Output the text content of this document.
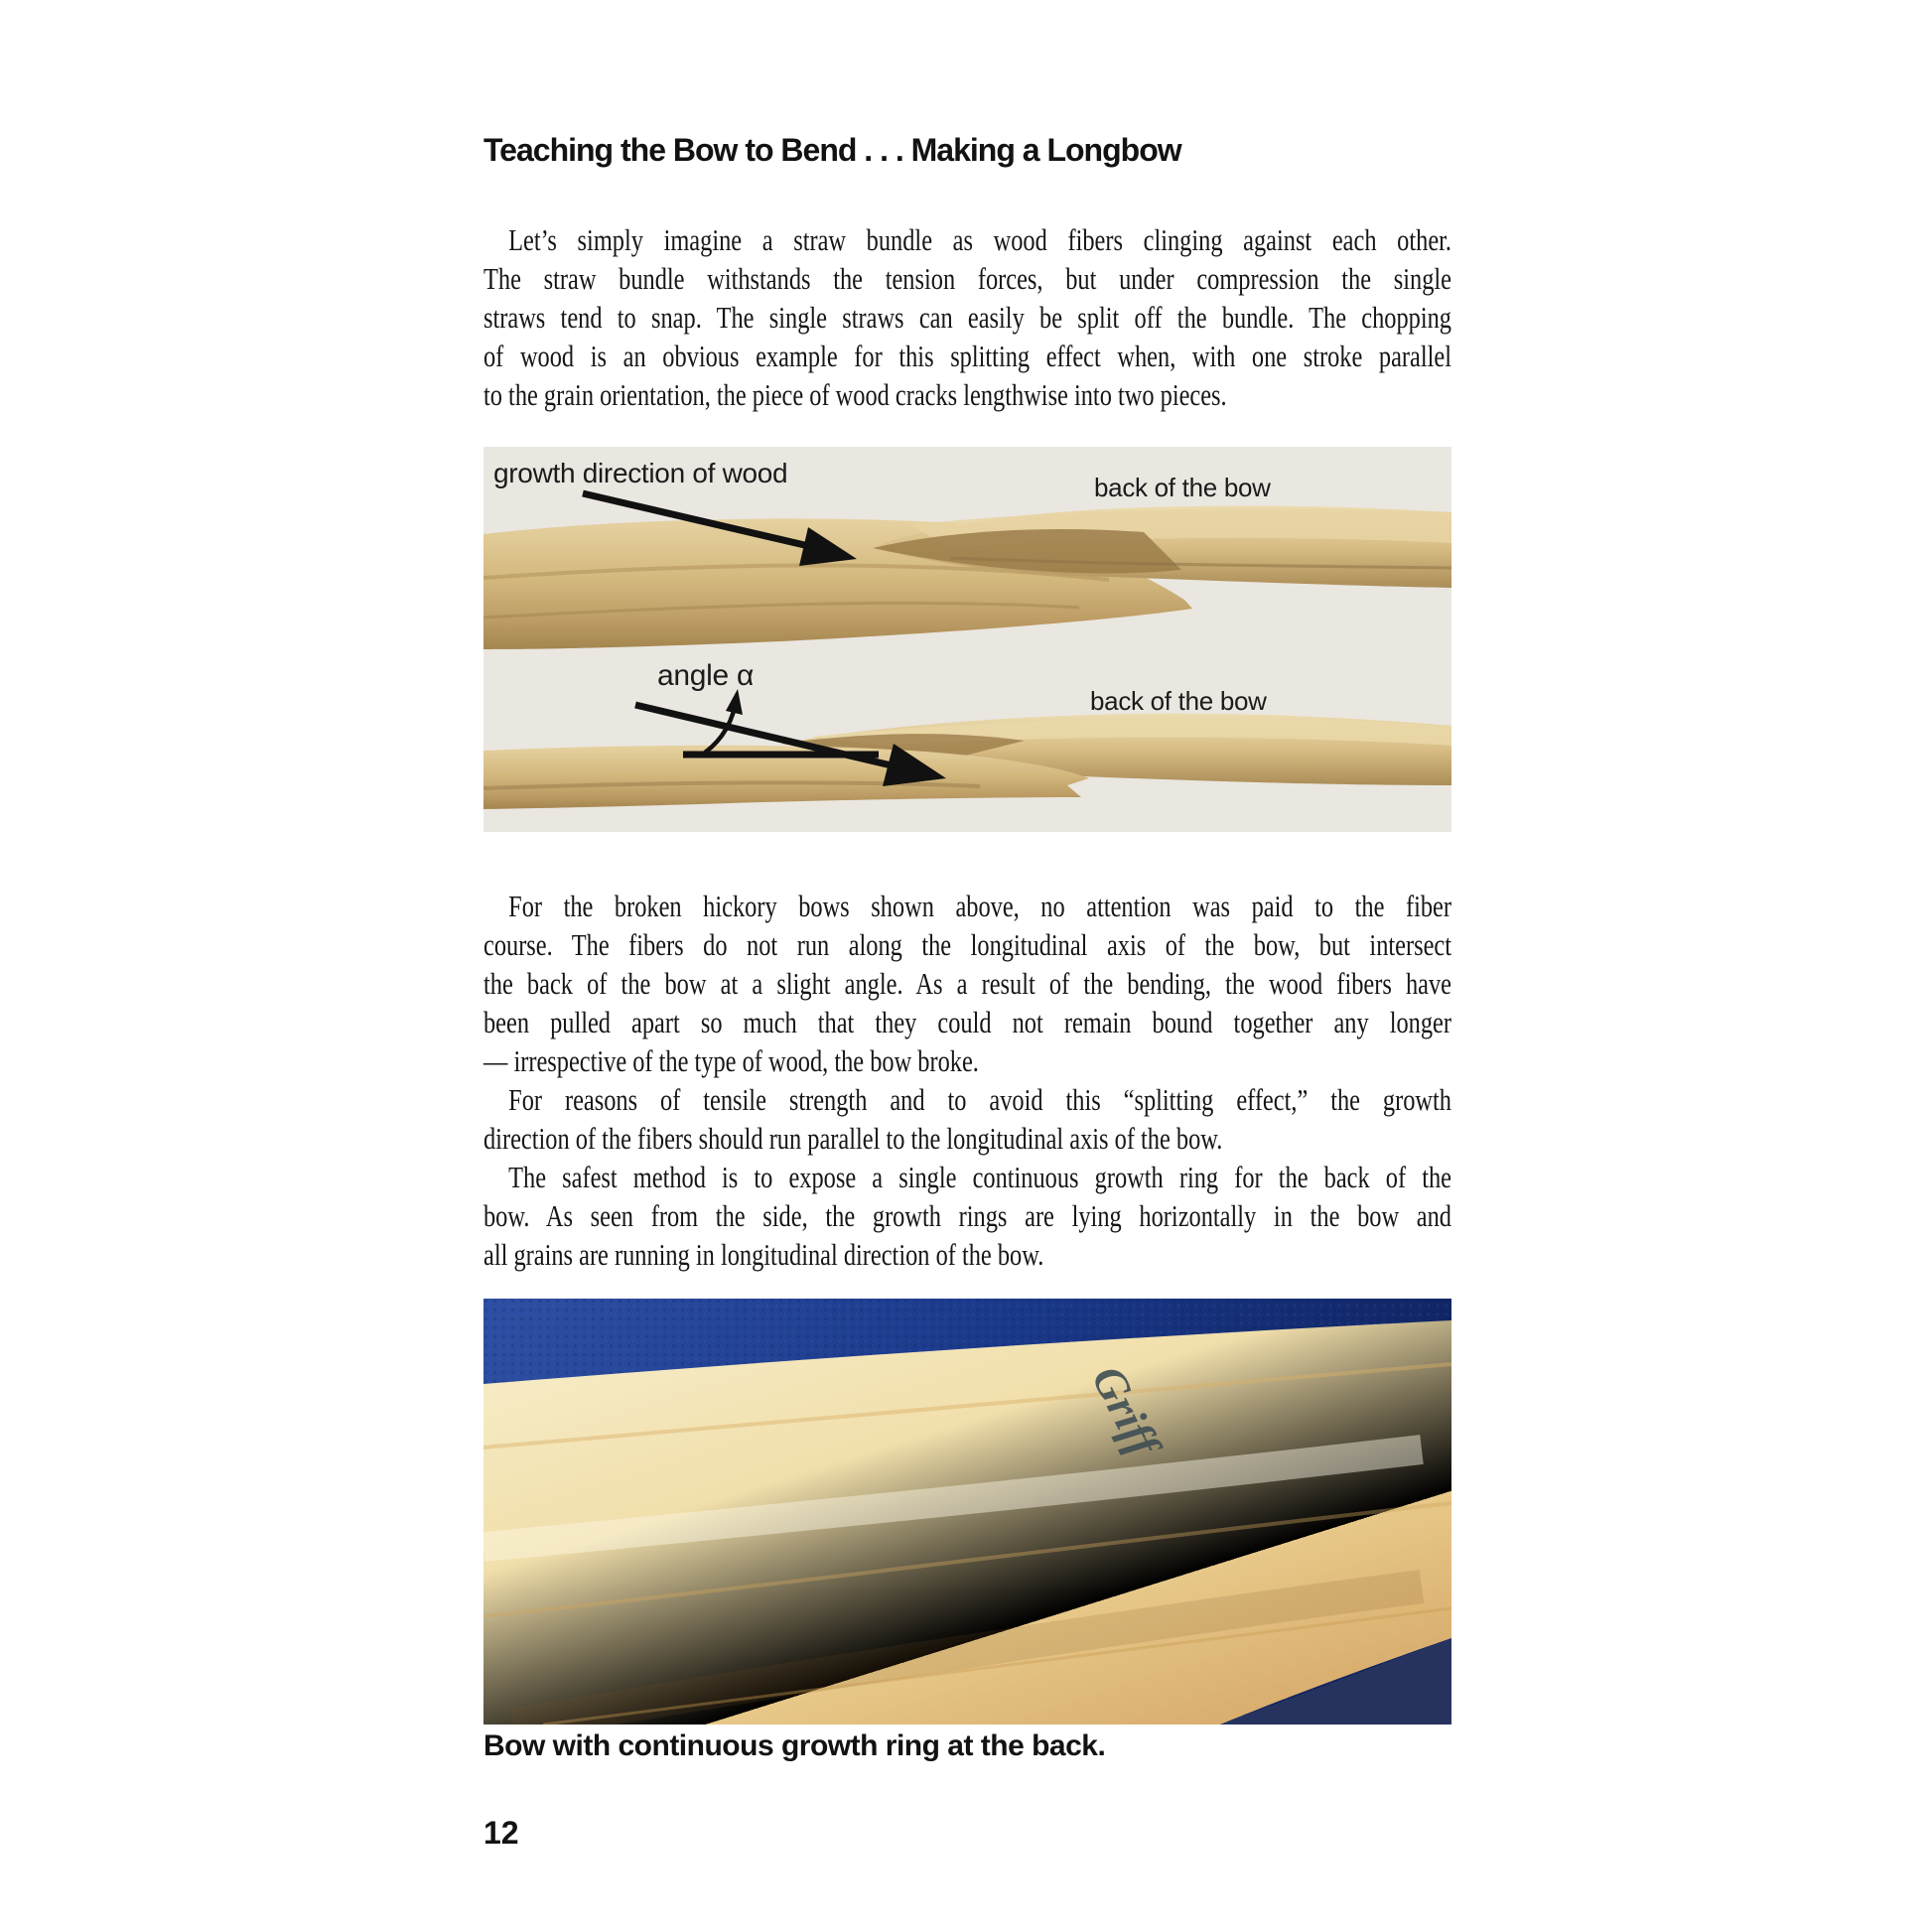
Teaching the Bow to Bend . . . Making a Longbow
Let’s simply imagine a straw bundle as wood fibers clinging against each other.
The straw bundle withstands the tension forces, but under compression the single
straws tend to snap. The single straws can easily be split off the bundle. The chopping
of wood is an obvious example for this splitting effect when, with one stroke parallel
to the grain orientation, the piece of wood cracks lengthwise into two pieces.
growth direction of wood	back of the bow
angle α
back of the bow
For the broken hickory bows shown above, no attention was paid to the fiber
course. The fibers do not run along the longitudinal axis of the bow, but intersect
the back of the bow at a slight angle. As a result of the bending, the wood fibers have
been pulled apart so much that they could not remain bound together any longer
— irrespective of the type of wood, the bow broke.
For reasons of tensile strength and to avoid this “splitting effect,” the growth
direction of the fibers should run parallel to the longitudinal axis of the bow.
The safest method is to expose a single continuous growth ring for the back of the
bow. As seen from the side, the growth rings are lying horizontally in the bow and
all grains are running in longitudinal direction of the bow.
Griff
Bow with continuous growth ring at the back.
12
